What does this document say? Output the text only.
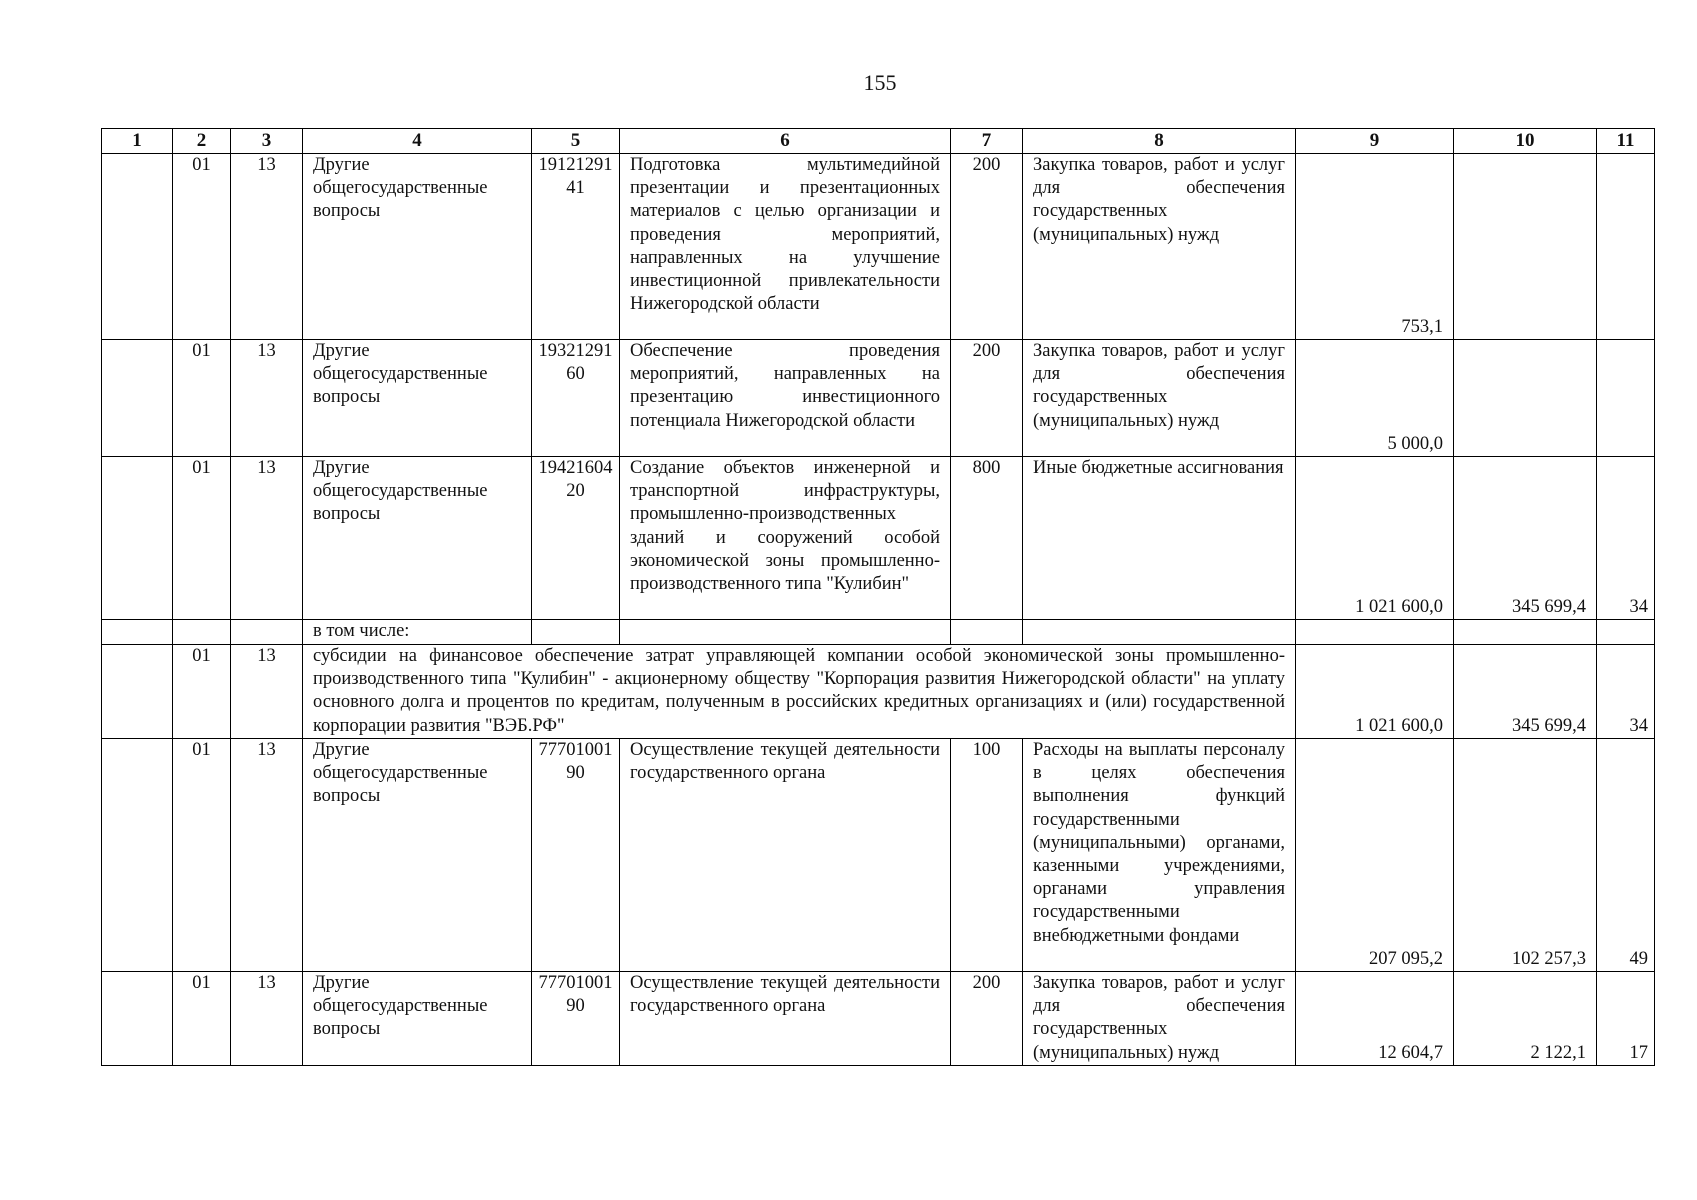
155
1	2	3	4	5	6	7	8	9	10	11
	01	13	Другие общегосударственные вопросы	1912129141	Подготовка мультимедийной презентации и презентационных материалов с целью организации и проведения мероприятий, направленных на улучшение инвестиционной привлекательности Нижегородской области	200	Закупка товаров, работ и услуг для обеспечения государственных (муниципальных) нужд	753,1		
	01	13	Другие общегосударственные вопросы	1932129160	Обеспечение проведения мероприятий, направленных на презентацию инвестиционного потенциала Нижегородской области	200	Закупка товаров, работ и услуг для обеспечения государственных (муниципальных) нужд	5 000,0		
	01	13	Другие общегосударственные вопросы	1942160420	Создание объектов инженерной и транспортной инфраструктуры, промышленно-производственных зданий и сооружений особой экономической зоны промышленно-производственного типа "Кулибин"	800	Иные бюджетные ассигнования	1 021 600,0	345 699,4	34
			в том числе:							
	01	13	субсидии на финансовое обеспечение затрат управляющей компании особой экономической зоны промышленно-производственного типа "Кулибин" - акционерному обществу "Корпорация развития Нижегородской области" на уплату основного долга и процентов по кредитам, полученным в российских кредитных организациях и (или) государственной корпорации развития "ВЭБ.РФ"					1 021 600,0	345 699,4	34
	01	13	Другие общегосударственные вопросы	7770100190	Осуществление текущей деятельности государственного органа	100	Расходы на выплаты персоналу в целях обеспечения выполнения функций государственными (муниципальными) органами, казенными учреждениями, органами управления государственными внебюджетными фондами	207 095,2	102 257,3	49
	01	13	Другие общегосударственные вопросы	7770100190	Осуществление текущей деятельности государственного органа	200	Закупка товаров, работ и услуг для обеспечения государственных (муниципальных) нужд	12 604,7	2 122,1	17
